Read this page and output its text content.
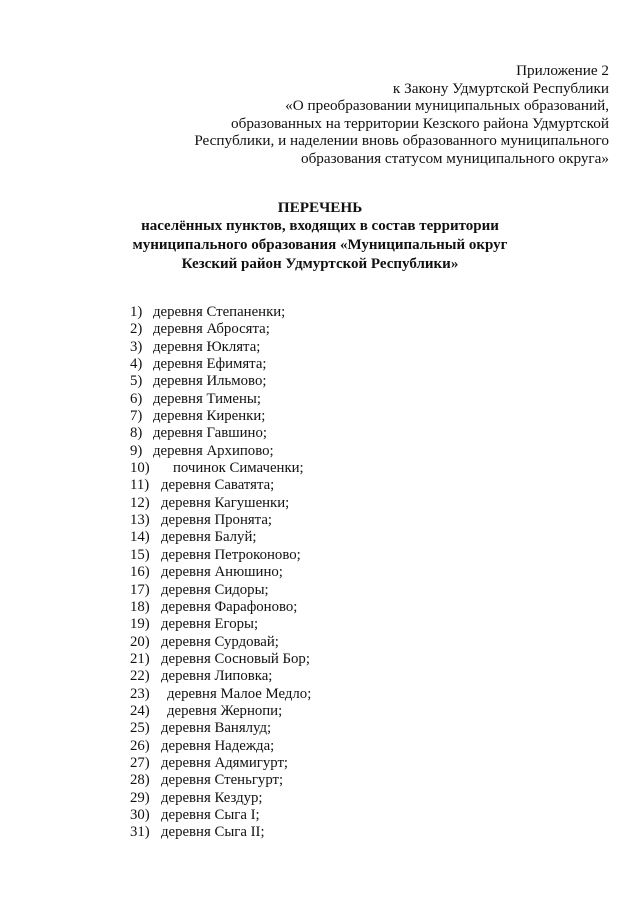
Приложение 2
к Закону Удмуртской Республики
«О преобразовании муниципальных образований,
образованных на территории Кезского района Удмуртской
Республики, и наделении вновь образованного муниципального
образования статусом муниципального округа»
ПЕРЕЧЕНЬ
населённых пунктов, входящих в состав территории
муниципального образования «Муниципальный округ
Кезский район Удмуртской Республики»
1) деревня Степаненки;
2) деревня Абросята;
3) деревня Юклята;
4) деревня Ефимята;
5) деревня Ильмово;
6) деревня Тимены;
7) деревня Киренки;
8) деревня Гавшино;
9) деревня Архипово;
10) починок Симаченки;
11) деревня Саватята;
12) деревня Кагушенки;
13) деревня Пронята;
14) деревня Балуй;
15) деревня Петроконово;
16) деревня Анюшино;
17) деревня Сидоры;
18) деревня Фарафоново;
19) деревня Егоры;
20) деревня Сурдовай;
21) деревня Сосновый Бор;
22) деревня Липовка;
23) деревня Малое Медло;
24) деревня Жернопи;
25) деревня Ванялуд;
26) деревня Надежда;
27) деревня Адямигурт;
28) деревня Стеньгурт;
29) деревня Кездур;
30) деревня Сыга I;
31) деревня Сыга II;
